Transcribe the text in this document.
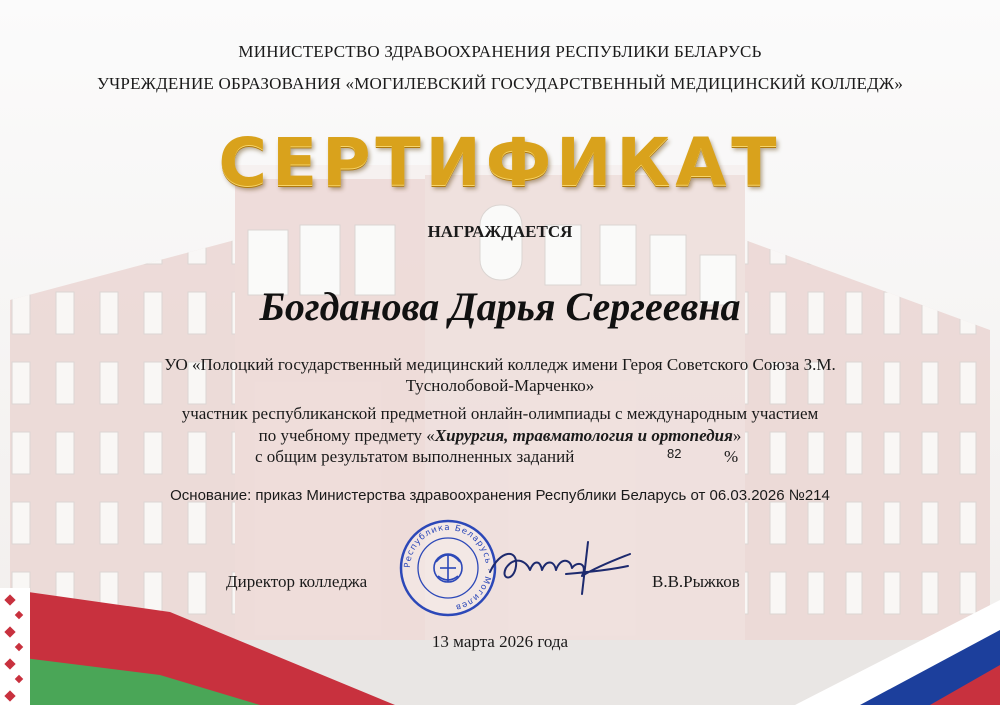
МИНИСТЕРСТВО ЗДРАВООХРАНЕНИЯ РЕСПУБЛИКИ БЕЛАРУСЬ
УЧРЕЖДЕНИЕ ОБРАЗОВАНИЯ «МОГИЛЕВСКИЙ ГОСУДАРСТВЕННЫЙ МЕДИЦИНСКИЙ КОЛЛЕДЖ»
СЕРТИФИКАТ
НАГРАЖДАЕТСЯ
Богданова Дарья Сергеевна
УО «Полоцкий государственный медицинский колледж имени Героя Советского Союза З.М.
Туснолобовой-Марченко»
участник республиканской предметной онлайн-олимпиады с международным участием
по учебному предмету «Хирургия, травматология и ортопедия»
с общим результатом выполненных заданий	82	%
Основание: приказ Министерства здравоохранения Республики Беларусь от 06.03.2026 №214
Республика Беларусь · Могилев
Директор колледжа	В.В.Рыжков
13 марта 2026 года
